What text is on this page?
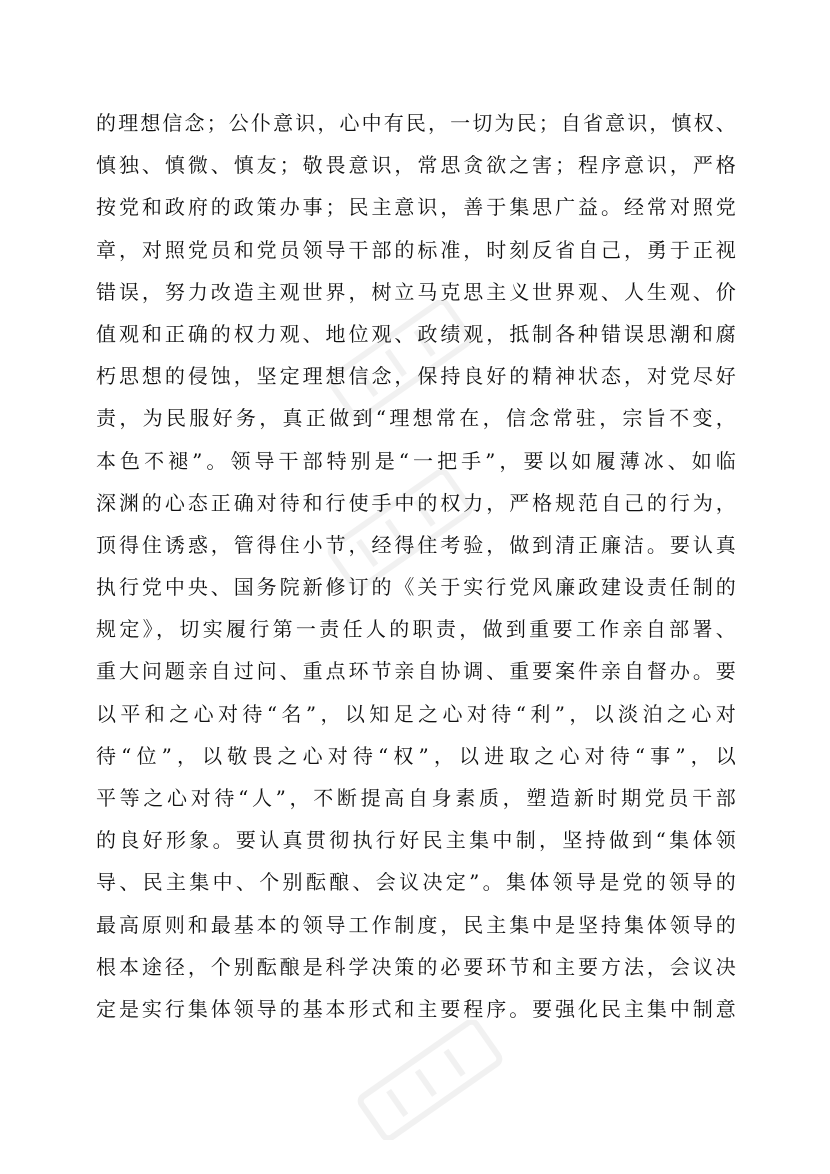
的理想信念；公仆意识，心中有民，一切为民；自省意识，慎权、
慎独、慎微、慎友；敬畏意识，常思贪欲之害；程序意识，严格
按党和政府的政策办事；民主意识，善于集思广益。经常对照党
章，对照党员和党员领导干部的标准，时刻反省自己，勇于正视
错误，努力改造主观世界，树立马克思主义世界观、人生观、价
值观和正确的权力观、地位观、政绩观，抵制各种错误思潮和腐
朽思想的侵蚀，坚定理想信念，保持良好的精神状态，对党尽好
责，为民服好务，真正做到“理想常在，信念常驻，宗旨不变，
本色不褪”。领导干部特别是“一把手”，要以如履薄冰、如临
深渊的心态正确对待和行使手中的权力，严格规范自己的行为，
顶得住诱惑，管得住小节，经得住考验，做到清正廉洁。要认真
执行党中央、国务院新修订的《关于实行党风廉政建设责任制的
规定》，切实履行第一责任人的职责，做到重要工作亲自部署、
重大问题亲自过问、重点环节亲自协调、重要案件亲自督办。要
以平和之心对待“名”，以知足之心对待“利”，以淡泊之心对
待“位”，以敬畏之心对待“权”，以进取之心对待“事”，以
平等之心对待“人”，不断提高自身素质，塑造新时期党员干部
的良好形象。要认真贯彻执行好民主集中制，坚持做到“集体领
导、民主集中、个别酝酿、会议决定”。集体领导是党的领导的
最高原则和最基本的领导工作制度，民主集中是坚持集体领导的
根本途径，个别酝酿是科学决策的必要环节和主要方法，会议决
定是实行集体领导的基本形式和主要程序。要强化民主集中制意
